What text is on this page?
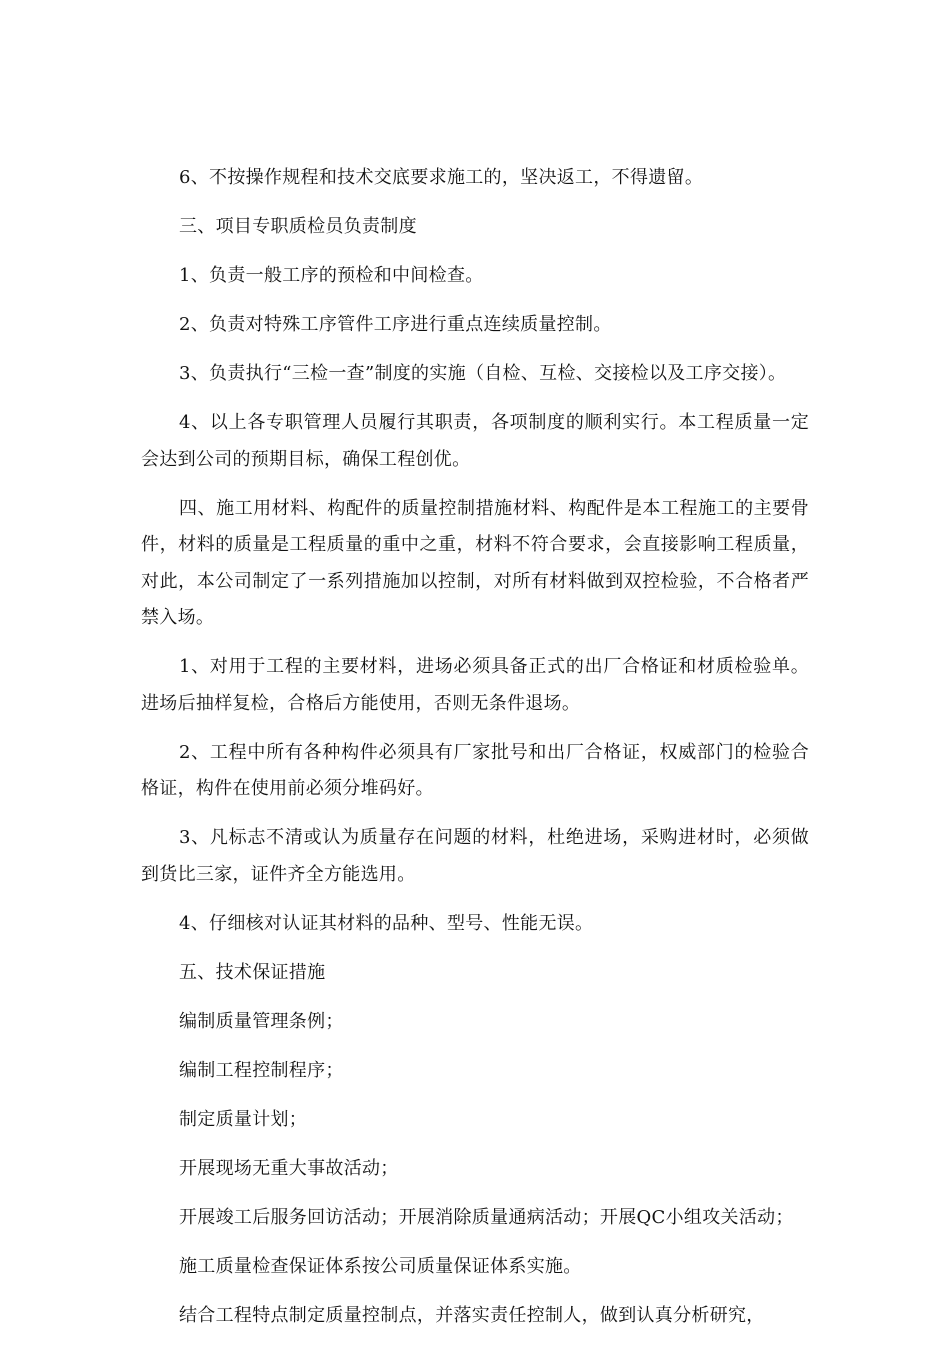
6、不按操作规程和技术交底要求施工的，坚决返工，不得遗留。

三、项目专职质检员负责制度

1、负责一般工序的预检和中间检查。

2、负责对特殊工序管件工序进行重点连续质量控制。

3、负责执行“三检一查”制度的实施（自检、互检、交接检以及工序交接）。

4、以上各专职管理人员履行其职责，各项制度的顺利实行。本工程质量一定会达到公司的预期目标，确保工程创优。

四、施工用材料、构配件的质量控制措施材料、构配件是本工程施工的主要骨件，材料的质量是工程质量的重中之重，材料不符合要求，会直接影响工程质量，对此，本公司制定了一系列措施加以控制，对所有材料做到双控检验，不合格者严禁入场。

1、对用于工程的主要材料，进场必须具备正式的出厂合格证和材质检验单。进场后抽样复检，合格后方能使用，否则无条件退场。

2、工程中所有各种构件必须具有厂家批号和出厂合格证，权威部门的检验合格证，构件在使用前必须分堆码好。

3、凡标志不清或认为质量存在问题的材料，杜绝进场，采购进材时，必须做到货比三家，证件齐全方能选用。

4、仔细核对认证其材料的品种、型号、性能无误。

五、技术保证措施

编制质量管理条例；

编制工程控制程序；

制定质量计划；

开展现场无重大事故活动；

开展竣工后服务回访活动；开展消除质量通病活动；开展QC小组攻关活动；

施工质量检查保证体系按公司质量保证体系实施。

结合工程特点制定质量控制点，并落实责任控制人，做到认真分析研究，
